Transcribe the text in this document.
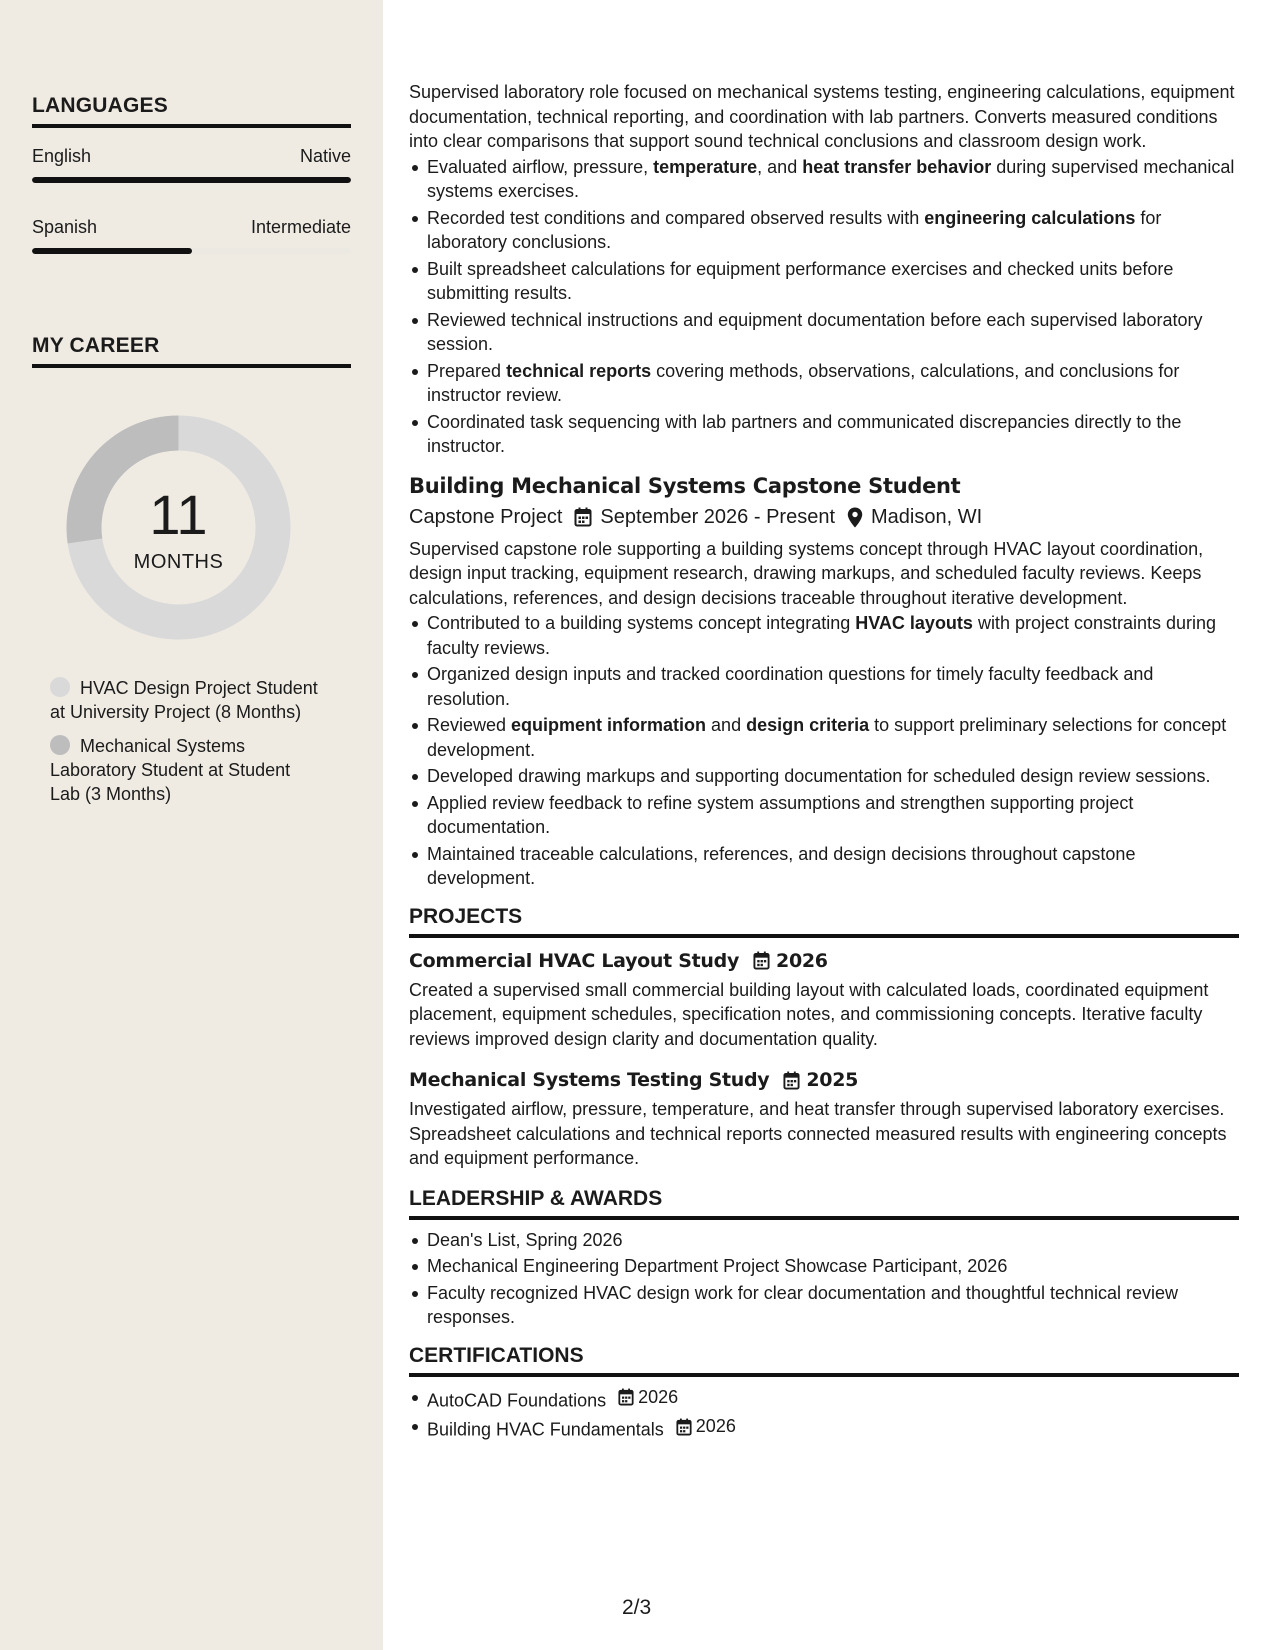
LANGUAGES
English	Native
Spanish	Intermediate
MY CAREER
11
MONTHS
HVAC Design Project Student at University Project (8 Months)
Mechanical Systems Laboratory Student at Student Lab (3 Months)
Supervised laboratory role focused on mechanical systems testing, engineering calculations, equipment documentation, technical reporting, and coordination with lab partners. Converts measured conditions into clear comparisons that support sound technical conclusions and classroom design work.
Evaluated airflow, pressure, temperature, and heat transfer behavior during supervised mechanical systems exercises.
Recorded test conditions and compared observed results with engineering calculations for laboratory conclusions.
Built spreadsheet calculations for equipment performance exercises and checked units before submitting results.
Reviewed technical instructions and equipment documentation before each supervised laboratory session.
Prepared technical reports covering methods, observations, calculations, and conclusions for instructor review.
Coordinated task sequencing with lab partners and communicated discrepancies directly to the instructor.
Building Mechanical Systems Capstone Student
Capstone Project September 2026 - Present Madison, WI
Supervised capstone role supporting a building systems concept through HVAC layout coordination, design input tracking, equipment research, drawing markups, and scheduled faculty reviews. Keeps calculations, references, and design decisions traceable throughout iterative development.
Contributed to a building systems concept integrating HVAC layouts with project constraints during faculty reviews.
Organized design inputs and tracked coordination questions for timely faculty feedback and resolution.
Reviewed equipment information and design criteria to support preliminary selections for concept development.
Developed drawing markups and supporting documentation for scheduled design review sessions.
Applied review feedback to refine system assumptions and strengthen supporting project documentation.
Maintained traceable calculations, references, and design decisions throughout capstone development.
PROJECTS
Commercial HVAC Layout Study 2026
Created a supervised small commercial building layout with calculated loads, coordinated equipment placement, equipment schedules, specification notes, and commissioning concepts. Iterative faculty reviews improved design clarity and documentation quality.
Mechanical Systems Testing Study 2025
Investigated airflow, pressure, temperature, and heat transfer through supervised laboratory exercises. Spreadsheet calculations and technical reports connected measured results with engineering concepts and equipment performance.
LEADERSHIP & AWARDS
Dean's List, Spring 2026
Mechanical Engineering Department Project Showcase Participant, 2026
Faculty recognized HVAC design work for clear documentation and thoughtful technical review responses.
CERTIFICATIONS
AutoCAD Foundations 2026
Building HVAC Fundamentals 2026
2/3
